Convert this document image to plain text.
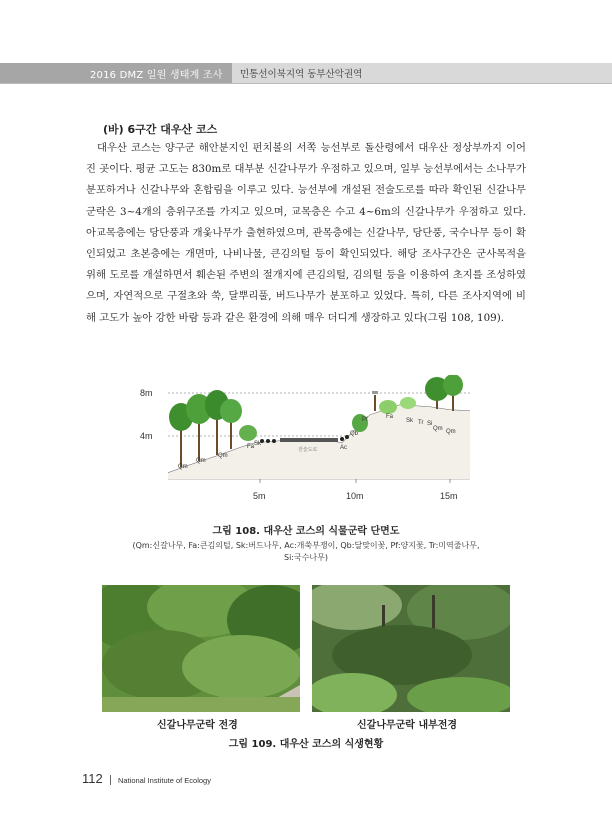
2016 DMZ 일원 생태계 조사 민통선이북지역 동부산악권역
(바) 6구간 대우산 코스

대우산 코스는 양구군 해안분지인 펀치볼의 서쪽 능선부로 돌산령에서 대우산 정상부까지 이어진 곳이다. 평균 고도는 830m로 대부분 신갈나무가 우점하고 있으며, 일부 능선부에서는 소나무가 분포하거나 신갈나무와 혼합림을 이루고 있다. 능선부에 개설된 전술도로를 따라 확인된 신갈나무군락은 3~4개의 층위구조를 가지고 있으며, 교목층은 수고 4~6m의 신갈나무가 우점하고 있다. 아교목층에는 당단풍과 개옻나무가 출현하였으며, 관목층에는 신갈나무, 당단풍, 국수나무 등이 확인되었고 초본층에는 개면마, 나비나물, 큰김의털 등이 확인되었다. 해당 조사구간은 군사목적을 위해 도로를 개설하면서 훼손된 주변의 절개지에 큰김의털, 김의털 등을 이용하여 초지를 조성하였으며, 자연적으로 구절초와 쑥, 달뿌리풀, 버드나무가 분포하고 있었다. 특히, 다른 조사지역에 비해 고도가 높아 강한 바람 등과 같은 환경에 의해 매우 더디게 생장하고 있다(그림 108, 109).

8m
4m
5m	10m	15m
전술도로
Qm
Qm
Qm
Fa Sk
Ac
Qb
Pf	Fa
Sk Tr Si
Qm Qm
그림 108. 대우산 코스의 식물군락 단면도
(Qm:신갈나무, Fa:큰김의털, Sk:버드나무, Ac:개쑥부쟁이, Qb:달맞이꽃, Pf:양지꽃, Tr:미역줄나무,
Si:국수나무)
신갈나무군락 전경	신갈나무군락 내부전경
그림 109. 대우산 코스의 식생현황
112 National Institute of Ecology
